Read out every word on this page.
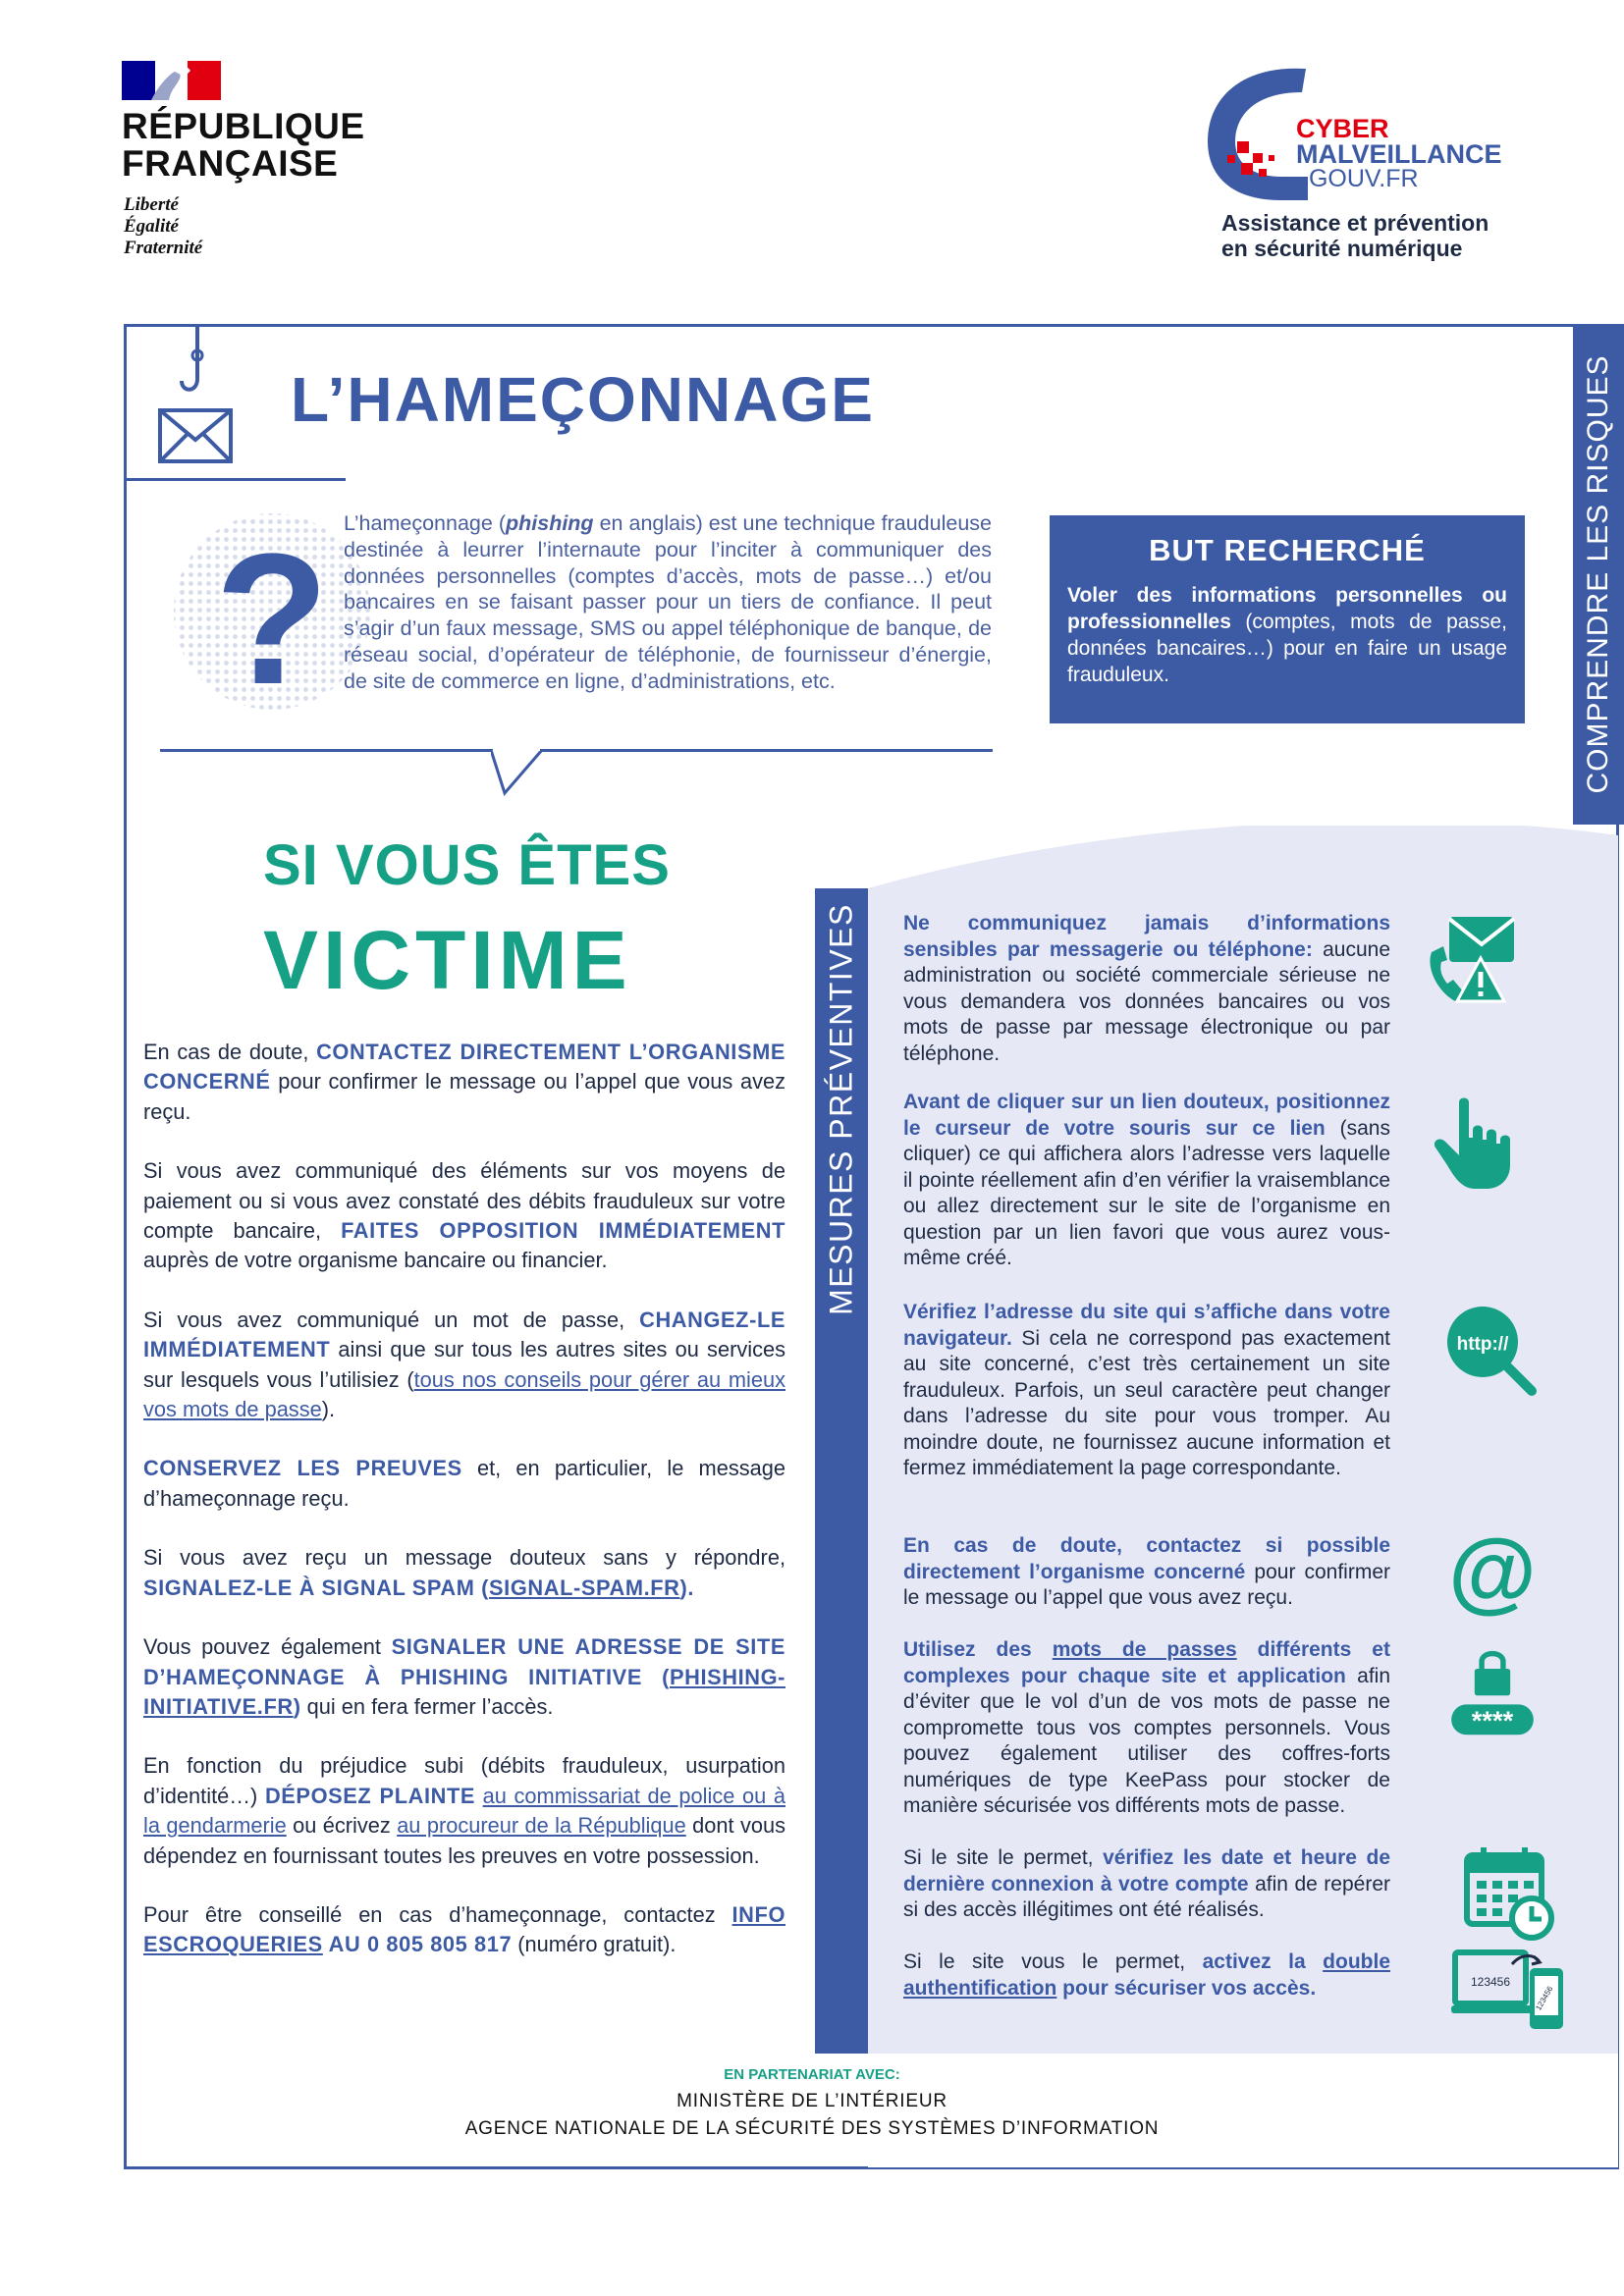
RÉPUBLIQUE
FRANÇAISE
Liberté
Égalité
Fraternité
CYBER
MALVEILLANCE
.GOUV.FR
Assistance et prévention
en sécurité numérique
COMPRENDRE LES RISQUES
L’HAMEÇONNAGE
? L’hameçonnage (phishing en anglais) est une technique frauduleuse destinée à leurrer l’internaute pour l’inciter à communiquer des données personnelles (comptes d’accès, mots de passe…) et/ou bancaires en se faisant passer pour un tiers de confiance. Il peut s’agir d’un faux message, SMS ou appel téléphonique de banque, de réseau social, d’opérateur de téléphonie, de fournisseur d’énergie, de site de commerce en ligne, d’administrations, etc.

BUT RECHERCHÉ

Voler des informations personnelles ou professionnelles (comptes, mots de passe, données bancaires…) pour en faire un usage frauduleux.

SI VOUS ÊTES
VICTIME

En cas de doute, CONTACTEZ DIRECTEMENT L’ORGANISME CONCERNÉ pour confirmer le message ou l’appel que vous avez reçu.

Si vous avez communiqué des éléments sur vos moyens de paiement ou si vous avez constaté des débits frauduleux sur votre compte bancaire, FAITES OPPOSITION IMMÉDIATEMENT auprès de votre organisme bancaire ou financier.

Si vous avez communiqué un mot de passe, CHANGEZ-LE IMMÉDIATEMENT ainsi que sur tous les autres sites ou services sur lesquels vous l’utilisiez (tous nos conseils pour gérer au mieux vos mots de passe).

CONSERVEZ LES PREUVES et, en particulier, le message d’hameçonnage reçu.

Si vous avez reçu un message douteux sans y répondre, SIGNALEZ-LE À SIGNAL SPAM (SIGNAL-SPAM.FR).

Vous pouvez également SIGNALER UNE ADRESSE DE SITE D’HAMEÇONNAGE À PHISHING INITIATIVE (PHISHING-INITIATIVE.FR) qui en fera fermer l’accès.

En fonction du préjudice subi (débits frauduleux, usurpation d’identité…) DÉPOSEZ PLAINTE au commissariat de police ou à la gendarmerie ou écrivez au procureur de la République dont vous dépendez en fournissant toutes les preuves en votre possession.

Pour être conseillé en cas d’hameçonnage, contactez INFO ESCROQUERIES AU 0 805 805 817 (numéro gratuit).

MESURES PRÉVENTIVES Ne communiquez jamais d’informations sensibles par messagerie ou téléphone: aucune administration ou société commerciale sérieuse ne vous demandera vos données bancaires ou vos mots de passe par message électronique ou par téléphone.

Avant de cliquer sur un lien douteux, positionnez le curseur de votre souris sur ce lien (sans cliquer) ce qui affichera alors l’adresse vers laquelle il pointe réellement afin d’en vérifier la vraisemblance ou allez directement sur le site de l’organisme en question par un lien favori que vous aurez vous-même créé.

Vérifiez l’adresse du site qui s’affiche dans votre navigateur. Si cela ne correspond pas exactement au site concerné, c’est très certainement un site frauduleux. Parfois, un seul caractère peut changer dans l’adresse du site pour vous tromper. Au moindre doute, ne fournissez aucune information et fermez immédiatement la page correspondante.

En cas de doute, contactez si possible directement l’organisme concerné pour confirmer le message ou l’appel que vous avez reçu.

Utilisez des mots de passes différents et complexes pour chaque site et application afin d’éviter que le vol d’un de vos mots de passe ne compromette tous vos comptes personnels. Vous pouvez également utiliser des coffres-forts numériques de type KeePass pour stocker de manière sécurisée vos différents mots de passe.

Si le site le permet, vérifiez les date et heure de dernière connexion à votre compte afin de repérer si des accès illégitimes ont été réalisés.

Si le site vous le permet, activez la double authentification pour sécuriser vos accès.

http://
@
****
123456
123456
EN PARTENARIAT AVEC:
MINISTÈRE DE L’INTÉRIEUR
AGENCE NATIONALE DE LA SÉCURITÉ DES SYSTÈMES D’INFORMATION
